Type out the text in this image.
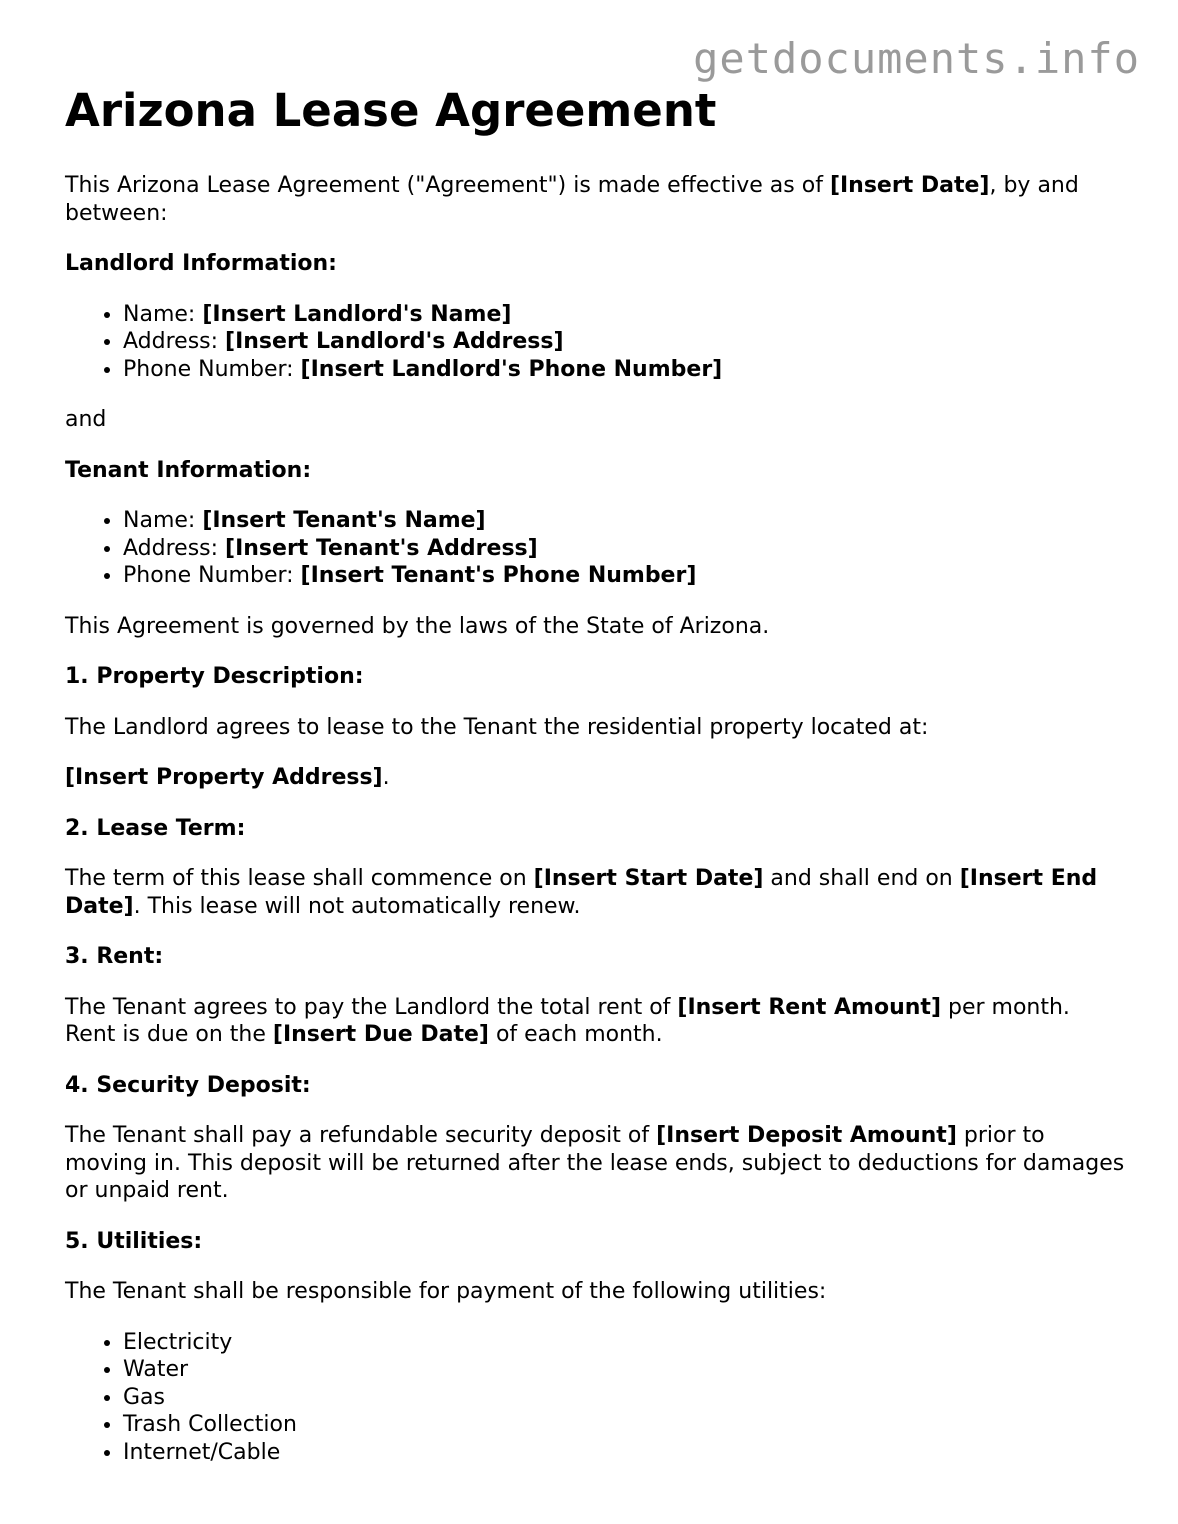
getdocuments.info
Arizona Lease Agreement

This Arizona Lease Agreement ("Agreement") is made effective as of [Insert Date], by and between:

Landlord Information:

• Name: [Insert Landlord's Name]
• Address: [Insert Landlord's Address]
• Phone Number: [Insert Landlord's Phone Number]

and

Tenant Information:

• Name: [Insert Tenant's Name]
• Address: [Insert Tenant's Address]
• Phone Number: [Insert Tenant's Phone Number]

This Agreement is governed by the laws of the State of Arizona.

1. Property Description:

The Landlord agrees to lease to the Tenant the residential property located at:

[Insert Property Address].

2. Lease Term:

The term of this lease shall commence on [Insert Start Date] and shall end on [Insert End Date]. This lease will not automatically renew.

3. Rent:

The Tenant agrees to pay the Landlord the total rent of [Insert Rent Amount] per month. Rent is due on the [Insert Due Date] of each month.

4. Security Deposit:

The Tenant shall pay a refundable security deposit of [Insert Deposit Amount] prior to moving in. This deposit will be returned after the lease ends, subject to deductions for damages or unpaid rent.

5. Utilities:

The Tenant shall be responsible for payment of the following utilities:

• Electricity
• Water
• Gas
• Trash Collection
• Internet/Cable
